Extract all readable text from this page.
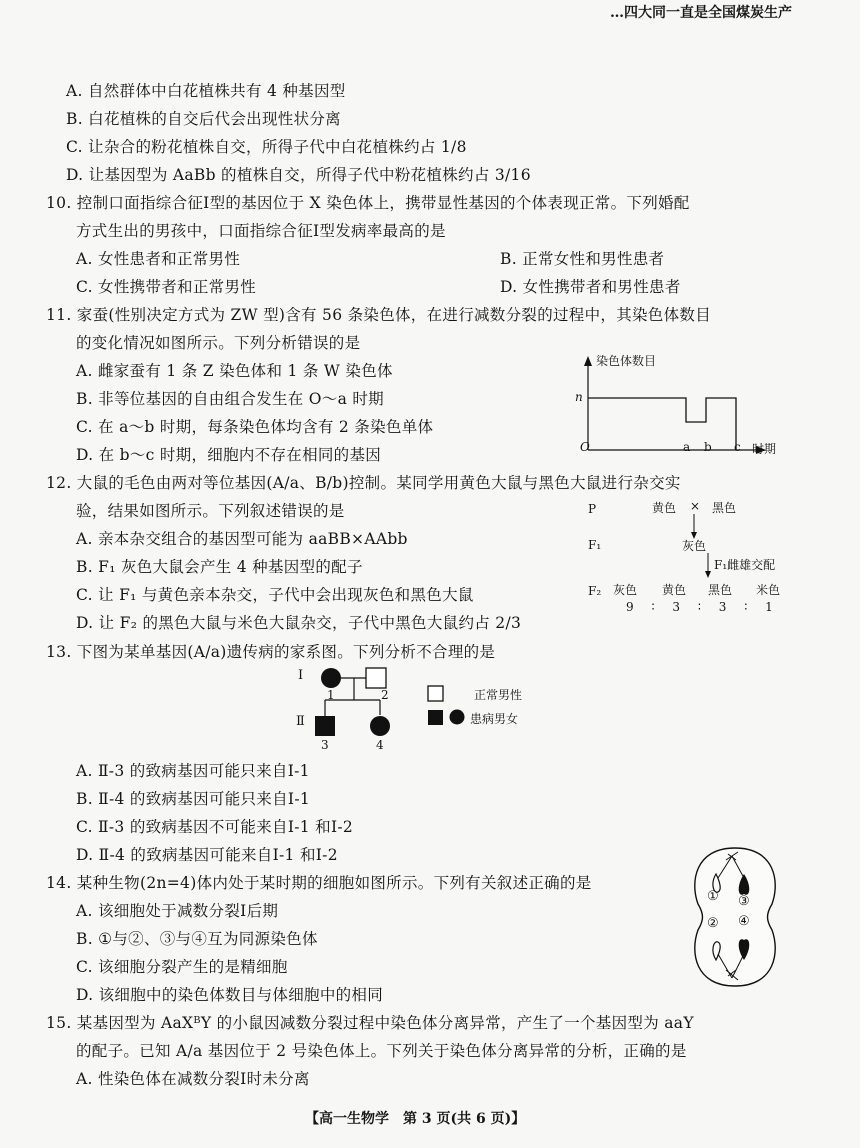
…四大同一直是全国煤炭生产
A. 自然群体中白花植株共有 4 种基因型
B. 白花植株的自交后代会出现性状分离
C. 让杂合的粉花植株自交，所得子代中白花植株约占 1/8
D. 让基因型为 AaBb 的植株自交，所得子代中粉花植株约占 3/16
10. 控制口面指综合征Ⅰ型的基因位于 X 染色体上，携带显性基因的个体表现正常。下列婚配
方式生出的男孩中，口面指综合征Ⅰ型发病率最高的是
A. 女性患者和正常男性	B. 正常女性和男性患者
C. 女性携带者和正常男性	D. 女性携带者和男性患者
11. 家蚕(性别决定方式为 ZW 型)含有 56 条染色体，在进行减数分裂的过程中，其染色体数目
的变化情况如图所示。下列分析错误的是
A. 雌家蚕有 1 条 Z 染色体和 1 条 W 染色体
B. 非等位基因的自由组合发生在 O～a 时期
C. 在 a～b 时期，每条染色体均含有 2 条染色单体
D. 在 b～c 时期，细胞内不存在相同的基因
染色体数目
n
O	a b c 时期
12. 大鼠的毛色由两对等位基因(A/a、B/b)控制。某同学用黄色大鼠与黑色大鼠进行杂交实
验，结果如图所示。下列叙述错误的是
A. 亲本杂交组合的基因型可能为 aaBB×AAbb
B. F₁ 灰色大鼠会产生 4 种基因型的配子
C. 让 F₁ 与黄色亲本杂交，子代中会出现灰色和黑色大鼠
D. 让 F₂ 的黑色大鼠与米色大鼠杂交，子代中黑色大鼠约占 2/3
P	黄色 × 黑色
F₁	灰色
F₁雌雄交配
F₂ 灰色 黄色 黑色 米色
9 ∶ 3 ∶ 3 ∶ 1
13. 下图为某单基因(A/a)遗传病的家系图。下列分析不合理的是
Ⅰ
Ⅱ
1	2
3	4
正常男性
患病男女
A. Ⅱ-3 的致病基因可能只来自Ⅰ-1
B. Ⅱ-4 的致病基因可能只来自Ⅰ-1
C. Ⅱ-3 的致病基因不可能来自Ⅰ-1 和Ⅰ-2
D. Ⅱ-4 的致病基因可能来自Ⅰ-1 和Ⅰ-2
14. 某种生物(2n=4)体内处于某时期的细胞如图所示。下列有关叙述正确的是
A. 该细胞处于减数分裂Ⅰ后期
B. ①与②、③与④互为同源染色体
C. 该细胞分裂产生的是精细胞
D. 该细胞中的染色体数目与体细胞中的相同
① ③
② ④
15. 某基因型为 AaXᴮY 的小鼠因减数分裂过程中染色体分离异常，产生了一个基因型为 aaY
的配子。已知 A/a 基因位于 2 号染色体上。下列关于染色体分离异常的分析，正确的是
A. 性染色体在减数分裂Ⅰ时未分离
【高一生物学　第 3 页(共 6 页)】
